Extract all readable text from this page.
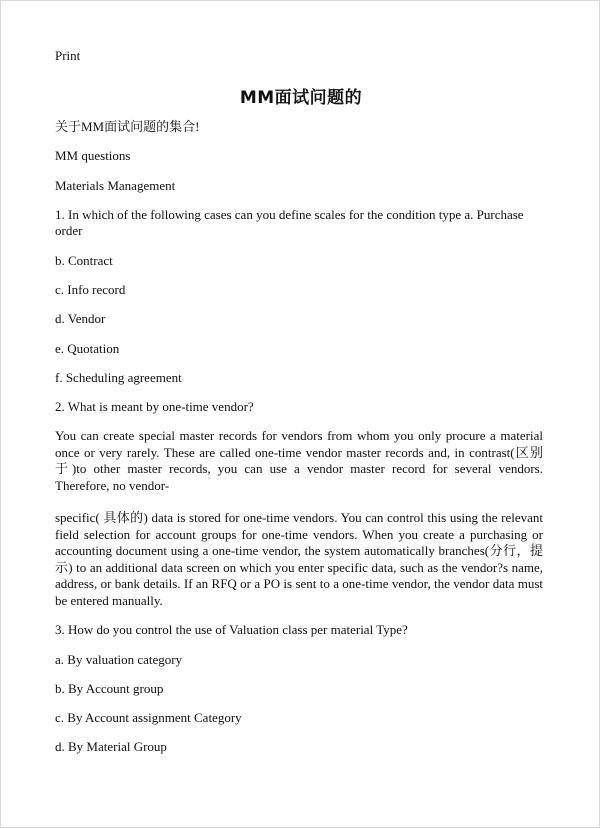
Print
MM面试问题的

关于MM面试问题的集合!

MM questions

Materials Management

1. In which of the following cases can you define scales for the condition type a. Purchase order

b. Contract

c. Info record

d. Vendor

e. Quotation

f. Scheduling agreement

2. What is meant by one-time vendor?

You can create special master records for vendors from whom you only procure a material once or very rarely. These are called one-time vendor master records and, in contrast(区别于)to other master records, you can use a vendor master record for several vendors. Therefore, no vendor-

specific( 具体的) data is stored for one-time vendors. You can control this using the relevant field selection for account groups for one-time vendors. When you create a purchasing or accounting document using a one-time vendor, the system automatically branches(分行，提示) to an additional data screen on which you enter specific data, such as the vendor?s name, address, or bank details. If an RFQ or a PO is sent to a one-time vendor, the vendor data must be entered manually.

3. How do you control the use of Valuation class per material Type?

a. By valuation category

b. By Account group

c. By Account assignment Category

d. By Material Group
